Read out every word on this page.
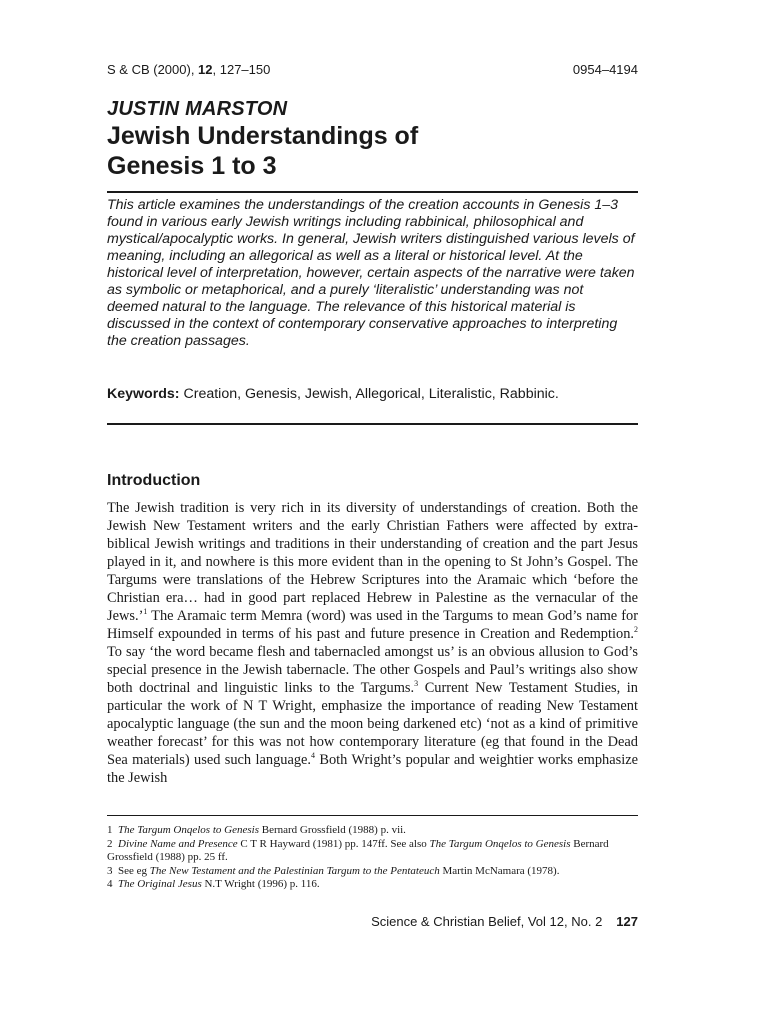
S & CB (2000), 12, 127–150	0954–4194
JUSTIN MARSTON
Jewish Understandings of
Genesis 1 to 3

This article examines the understandings of the creation accounts in Genesis 1–3 found in various early Jewish writings including rabbinical, philosophical and mystical/apocalyptic works. In general, Jewish writers distinguished various levels of meaning, including an allegorical as well as a literal or historical level. At the historical level of interpretation, however, certain aspects of the narrative were taken as symbolic or metaphorical, and a purely ‘literalistic’ understanding was not deemed natural to the language. The relevance of this historical material is discussed in the context of contemporary conservative approaches to interpreting the creation passages.

Keywords: Creation, Genesis, Jewish, Allegorical, Literalistic, Rabbinic.

Introduction

The Jewish tradition is very rich in its diversity of understandings of creation. Both the Jewish New Testament writers and the early Christian Fathers were affected by extra-biblical Jewish writings and traditions in their understanding of creation and the part Jesus played in it, and nowhere is this more evident than in the opening to St John’s Gospel. The Targums were translations of the Hebrew Scriptures into the Aramaic which ‘before the Christian era… had in good part replaced Hebrew in Palestine as the vernacular of the Jews.’$^1$ The Aramaic term Memra (word) was used in the Targums to mean God’s name for Himself expounded in terms of his past and future presence in Creation and Redemption.$^2$ To say ‘the word became flesh and tabernacled amongst us’ is an obvious allusion to God’s special presence in the Jewish tabernacle. The other Gospels and Paul’s writings also show both doctrinal and linguistic links to the Targums.$^3$ Current New Testament Studies, in particular the work of N T Wright, emphasize the importance of reading New Testament apocalyptic language (the sun and the moon being darkened etc) ‘not as a kind of primitive weather forecast’ for this was not how contemporary literature (eg that found in the Dead Sea materials) used such language.$^4$ Both Wright’s popular and weightier works emphasize the Jewish

1 The Targum Onqelos to Genesis Bernard Grossfield (1988) p. vii.
2 Divine Name and Presence C T R Hayward (1981) pp. 147ff. See also The Targum Onqelos to Genesis Bernard Grossfield (1988) pp. 25 ff.
3 See eg The New Testament and the Palestinian Targum to the Pentateuch Martin McNamara (1978).
4 The Original Jesus N.T Wright (1996) p. 116.
Science & Christian Belief, Vol 12, No. 2 127
